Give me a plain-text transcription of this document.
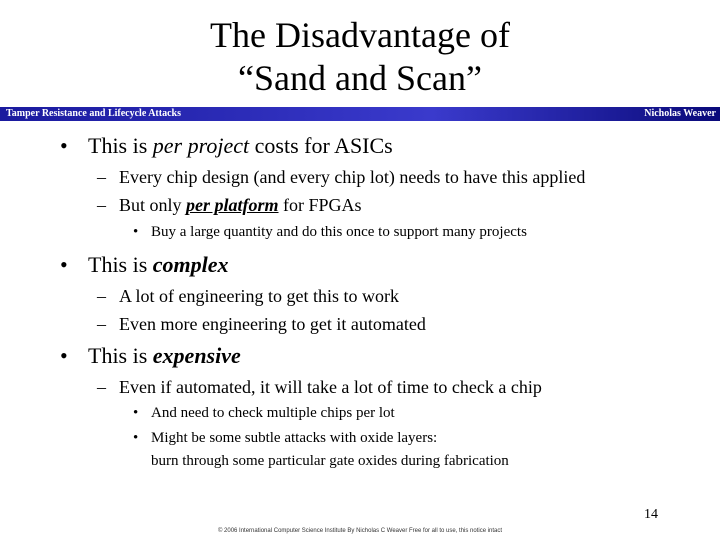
The Disadvantage of
“Sand and Scan”
Tamper Resistance and Lifecycle Attacks	Nicholas Weaver
• This is per project costs for ASICs
– Every chip design (and every chip lot) needs to have this applied
– But only per platform for FPGAs
• Buy a large quantity and do this once to support many projects
• This is complex
– A lot of engineering to get this to work
– Even more engineering to get it automated
• This is expensive
– Even if automated, it will take a lot of time to check a chip
• And need to check multiple chips per lot
• Might be some subtle attacks with oxide layers:
burn through some particular gate oxides during fabrication
14
© 2006 International Computer Science Institute By Nicholas C Weaver Free for all to use, this notice intact
